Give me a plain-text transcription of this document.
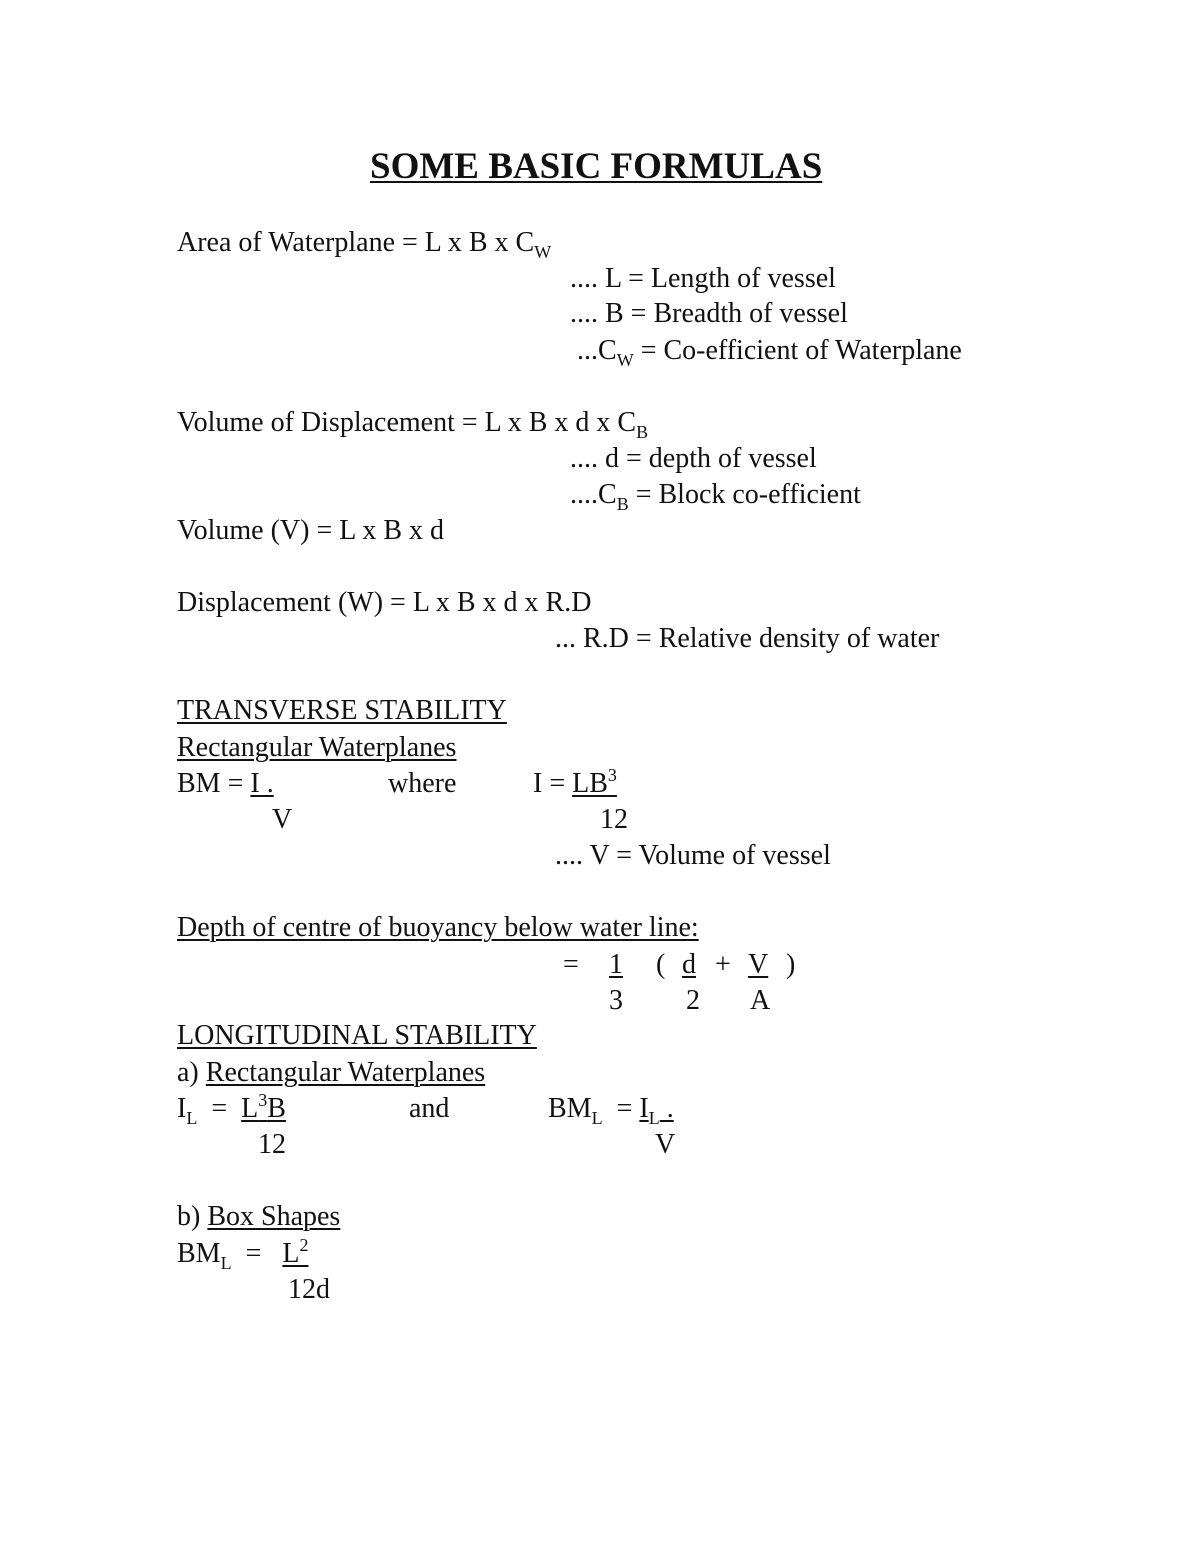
SOME BASIC FORMULAS
Area of Waterplane = L x B x $C_W$
.... L = Length of vessel
.... B = Breadth of vessel
$...C_W$ = Co-efficient of Waterplane
Volume of Displacement = L x B x d x $C_B$
.... d = depth of vessel
$....C_B$ = Block co-efficient
Volume (V) = L x B x d
Displacement (W) = L x B x d x R.D
... R.D = Relative density of water
TRANSVERSE STABILITY
Rectangular Waterplanes
BM = I .
V
where	$I = LB^3$
12
.... V = Volume of vessel
Depth of centre of buoyancy below water line:
= 1
3
( d
2
+ V
A
)
LONGITUDINAL STABILITY
a) Rectangular Waterplanes
$I_L = L^3B$
12
and	$BM_L = I_L$ .
V
b) Box Shapes
$BM_L = L^2$
12d
